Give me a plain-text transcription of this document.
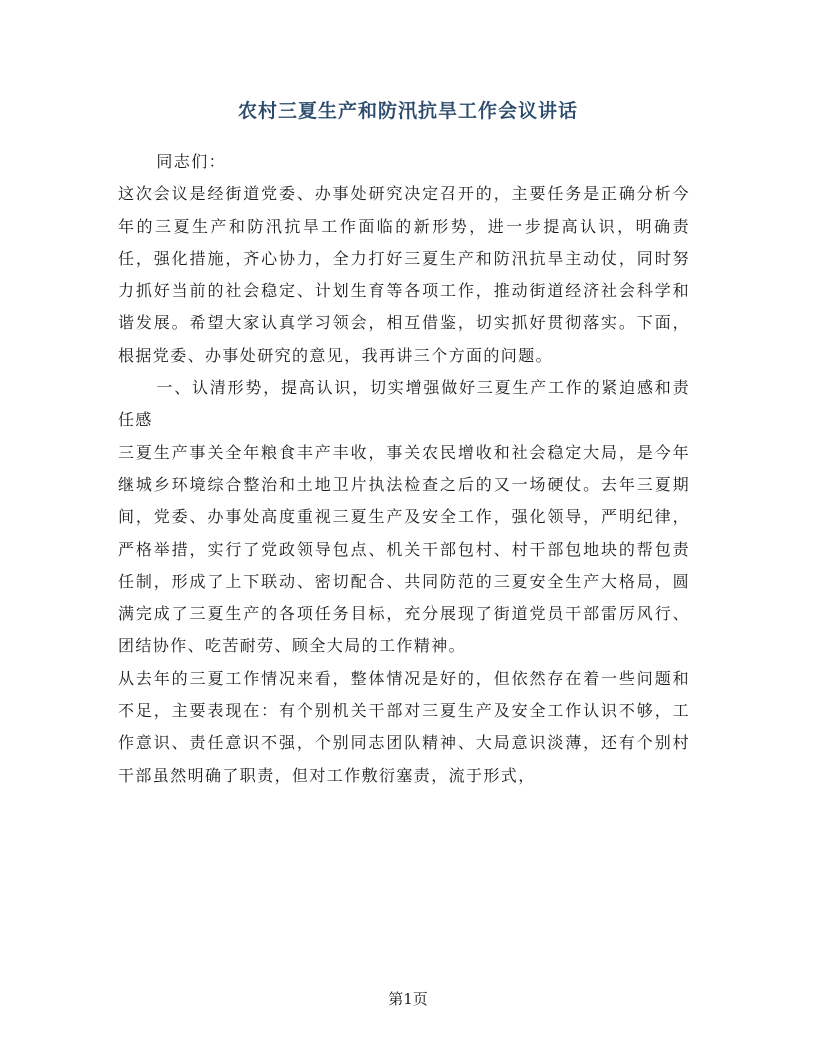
农村三夏生产和防汛抗旱工作会议讲话

同志们：

这次会议是经街道党委、办事处研究决定召开的，主要任务是正确分析今年的三夏生产和防汛抗旱工作面临的新形势，进一步提高认识，明确责任，强化措施，齐心协力，全力打好三夏生产和防汛抗旱主动仗，同时努力抓好当前的社会稳定、计划生育等各项工作，推动街道经济社会科学和谐发展。希望大家认真学习领会，相互借鉴，切实抓好贯彻落实。下面，根据党委、办事处研究的意见，我再讲三个方面的问题。

一、认清形势，提高认识，切实增强做好三夏生产工作的紧迫感和责任感

三夏生产事关全年粮食丰产丰收，事关农民增收和社会稳定大局，是今年继城乡环境综合整治和土地卫片执法检查之后的又一场硬仗。去年三夏期间，党委、办事处高度重视三夏生产及安全工作，强化领导，严明纪律，严格举措，实行了党政领导包点、机关干部包村、村干部包地块的帮包责任制，形成了上下联动、密切配合、共同防范的三夏安全生产大格局，圆满完成了三夏生产的各项任务目标，充分展现了街道党员干部雷厉风行、团结协作、吃苦耐劳、顾全大局的工作精神。

从去年的三夏工作情况来看，整体情况是好的，但依然存在着一些问题和不足，主要表现在：有个别机关干部对三夏生产及安全工作认识不够，工作意识、责任意识不强，个别同志团队精神、大局意识淡薄，还有个别村干部虽然明确了职责，但对工作敷衍塞责，流于形式，

第1页
